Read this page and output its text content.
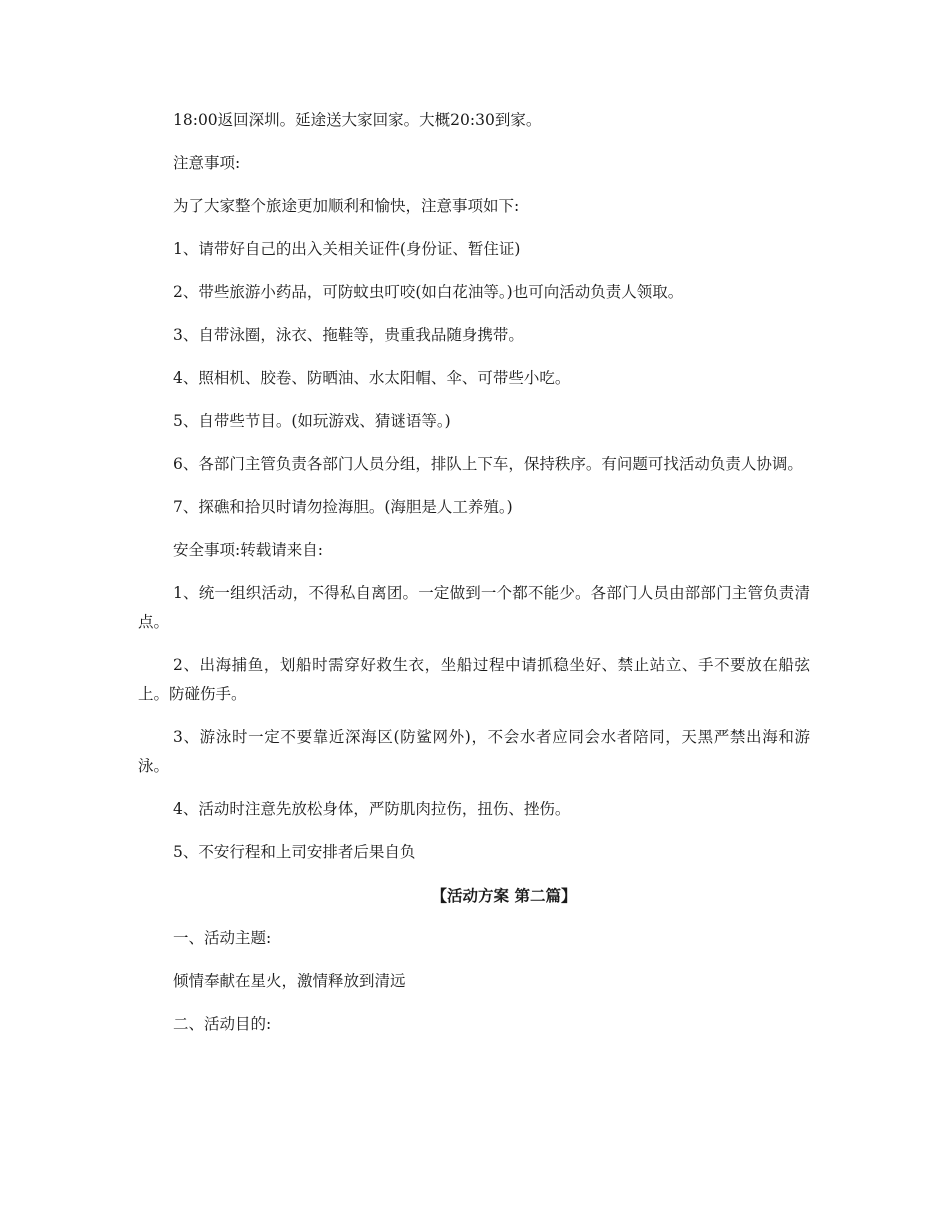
18:00返回深圳。延途送大家回家。大概20:30到家。

注意事项:

为了大家整个旅途更加顺利和愉快，注意事项如下:

1、请带好自己的出入关相关证件(身份证、暂住证)

2、带些旅游小药品，可防蚊虫叮咬(如白花油等。)也可向活动负责人领取。

3、自带泳圈，泳衣、拖鞋等，贵重我品随身携带。

4、照相机、胶卷、防晒油、水太阳帽、伞、可带些小吃。

5、自带些节目。(如玩游戏、猜谜语等。)

6、各部门主管负责各部门人员分组，排队上下车，保持秩序。有问题可找活动负责人协调。

7、探礁和拾贝时请勿捡海胆。(海胆是人工养殖。)

安全事项:转载请来自:

1、统一组织活动，不得私自离团。一定做到一个都不能少。各部门人员由部部门主管负责清点。

2、出海捕鱼，划船时需穿好救生衣，坐船过程中请抓稳坐好、禁止站立、手不要放在船弦上。防碰伤手。

3、游泳时一定不要靠近深海区(防鲨网外)，不会水者应同会水者陪同，天黑严禁出海和游泳。

4、活动时注意先放松身体，严防肌肉拉伤，扭伤、挫伤。

5、不安行程和上司安排者后果自负

【活动方案 第二篇】

一、活动主题:

倾情奉献在星火，激情释放到清远

二、活动目的:
